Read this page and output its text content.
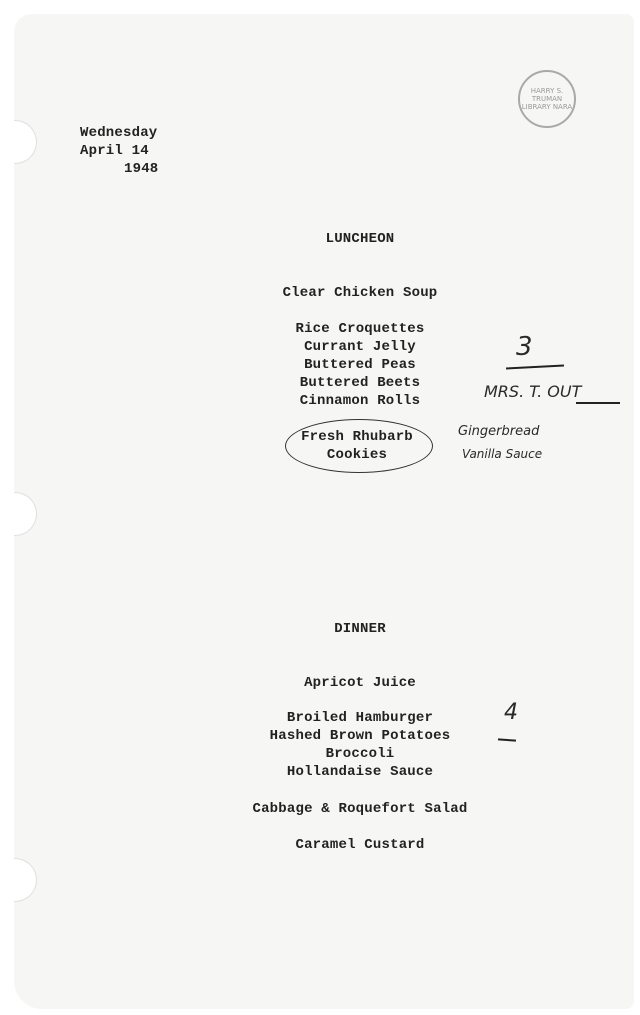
HARRY S. TRUMAN LIBRARY NARA
Wednesday
April 14
1948
LUNCHEON
Clear Chicken Soup
Rice Croquettes
Currant Jelly
Buttered Peas
Buttered Beets
Cinnamon Rolls
Fresh Rhubarb
Cookies
3
MRS. T. OUT
Gingerbread
Vanilla Sauce
DINNER
Apricot Juice
Broiled Hamburger
Hashed Brown Potatoes
Broccoli
Hollandaise Sauce
Cabbage & Roquefort Salad
Caramel Custard
4
